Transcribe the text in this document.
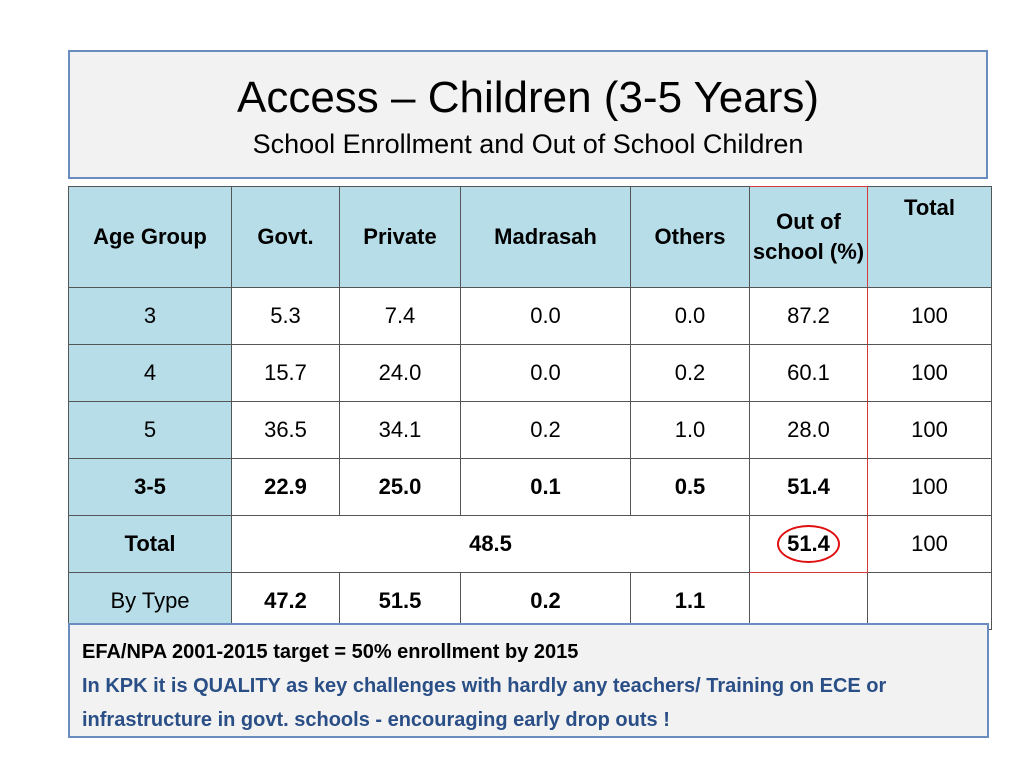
Access – Children (3-5 Years)
School Enrollment and Out of School Children
Age Group	Govt.	Private	Madrasah	Others	Out of school (%)	Total
3	5.3	7.4	0.0	0.0	87.2	100
4	15.7	24.0	0.0	0.2	60.1	100
5	36.5	34.1	0.2	1.0	28.0	100
3-5	22.9	25.0	0.1	0.5	51.4	100
Total	48.5				51.4	100
By Type	47.2	51.5	0.2	1.1		
EFA/NPA 2001-2015 target = 50% enrollment by 2015
In KPK it is QUALITY as key challenges with hardly any teachers/ Training on ECE or infrastructure in govt. schools - encouraging early drop outs !
